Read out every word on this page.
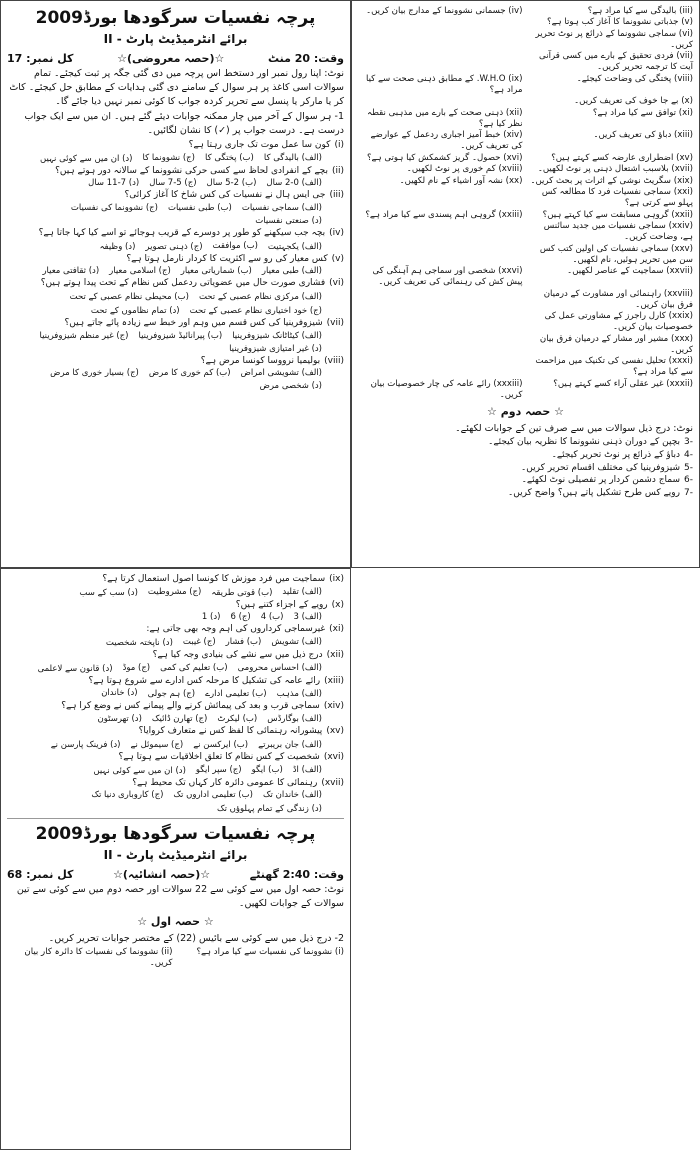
پرچہ نفسیات سرگودھا بورڈ2009
برائے انٹرمیڈیٹ پارٹ - II
وقت: 20 منٹ
☆(حصہ معروضی)☆
کل نمبر: 17
نوٹ: اپنا رول نمبر اور دستخط اس پرچہ میں دی گئی جگہ پر ثبت کیجئے۔ تمام سوالات اسی کاغذ پر ہر سوال کے سامنے دی گئی ہدایات کے مطابق حل کیجئے۔ کاٹ کر یا مارکر یا پنسل سے تحریر کردہ جواب کا کوئی نمبر نہیں دیا جائے گا۔
1- ہر سوال کے آخر میں چار ممکنہ جوابات دیئے گئے ہیں۔ ان میں سے ایک جواب درست ہے۔ درست جواب پر (✓) کا نشان لگائیں۔
(i)
کون سا عمل موت تک جاری رہتا ہے؟
(الف) بالیدگی کا
(ب) پختگی کا
(ج) نشوونما کا
(د) ان میں سے کوئی نہیں
(ii)
بچے کے انفرادی لحاظ سے کسی حرکی نشوونما کے سالانہ دور ہوتے ہیں؟
(الف) 0-2 سال
(ب) 2-5 سال
(ج) 5-7 سال
(د) 7-11 سال
(iii)
جی ایس ہال نے نفسیات کی کس شاخ کا آغاز کرائی؟
(الف) سماجی نفسیات
(ب) طبی نفسیات
(ج) نشوونما کی نفسیات
(د) صنعتی نفسیات
(iv)
بچہ جب سیکھنے کو طور پر دوسرے کے قریب ہوجائے تو اسے کیا کہا جاتا ہے؟
(الف) یکجہتیت
(ب) موافقت
(ج) ذہنی تصویر
(د) وظیفہ
(v)
کس معیار کی رو سے اکثریت کا کردار نارمل ہوتا ہے؟
(الف) طبی معیار
(ب) شماریاتی معیار
(ج) اسلامی معیار
(د) ثقافتی معیار
(vi)
فشاری صورت حال میں عضویاتی ردعمل کس نظام کے تحت پیدا ہوتے ہیں؟
(الف) مرکزی نظام عصبی کے تحت
(ب) محیطی نظام عصبی کے تحت
(ج) خود اختیاری نظام عصبی کے تحت
(د) تمام نظاموں کے تحت
(vii)
شیزوفرینیا کی کس قسم میں وہم اور خبط سے زیادہ پائے جاتے ہیں؟
(الف) کیٹاٹانک شیزوفرینیا
(ب) پیرانائیڈ شیزوفرینیا
(ج) غیر منظم شیزوفرینیا
(د) غیر امتیازی شیزوفرینیا
(viii)
بولیمیا نرووسا کونسا مرض ہے؟
(الف) تشویشی امراض
(ب) کم خوری کا مرض
(ج) بسیار خوری کا مرض
(د) شخصی مرض
(iii) بالیدگی سے کیا مراد ہے؟
(iv) جسمانی نشوونما کے مدارج بیان کریں۔
(v) جذباتی نشوونما کا آغاز کب ہوتا ہے؟
(vi) سماجی نشوونما کے ذرائع پر نوٹ تحریر کریں۔
(vii) فردی تحقیق کے بارے میں کسی قرآنی آیت کا ترجمہ تحریر کریں۔
(viii) پختگی کی وضاحت کیجئے۔
(ix) W.H.O. کے مطابق ذہنی صحت سے کیا مراد ہے؟
(x) بے جا خوف کی تعریف کریں۔
(xi) توافق سے کیا مراد ہے؟
(xii) ذہنی صحت کے بارے میں مذہبی نقطہ نظر کیا ہے؟
(xiii) دباؤ کی تعریف کریں۔
(xiv) خبط آمیز اجباری ردعمل کے عوارضے کی تعریف کریں۔
(xv) اضطراری عارضہ کسے کہتے ہیں؟
(xvi) حصول۔ گریز کشمکش کیا ہوتی ہے؟
(xvii) بلاسبب اشتعال ذہنی پر نوٹ لکھیں۔
(xviii) کم خوری پر نوٹ لکھیں۔
(xix) سگریٹ نوشی کے اثرات پر بحث کریں۔
(xx) نشہ آور اشیاء کے نام لکھیں۔
(xxi) سماجی نفسیات فرد کا مطالعہ کس پہلو سے کرتی ہے؟
(xxii) گروہی مسابقت سے کیا کہتے ہیں؟
(xxiii) گروہی اہم پسندی سے کیا مراد ہے؟
(xxiv) سماجی نفسیات میں جدید سائنس ہے، وضاحت کریں۔
(xxv) سماجی نفسیات کی اولین کتب کس سن میں تحریر ہوئیں، نام لکھیں۔
(xxvii) سماجیت کے عناصر لکھیں۔
(xxvi) شخصی اور سماجی ہم آہنگی کی پیش کش کی رہنمائی کی تعریف کریں۔
(xxviii) راہنمائی اور مشاورت کے درمیان فرق بیان کریں۔
(xxix) کارل راجرز کے مشاورتی عمل کی خصوصیات بیان کریں۔
(xxx) مشیر اور مشار کے درمیان فرق بیان کریں۔
(xxxi) تحلیل نفسی کی تکنیک میں مزاحمت سے کیا مراد ہے؟
(xxxii) غیر عقلی آراء کسے کہتے ہیں؟
(xxxiii) رائے عامہ کی چار خصوصیات بیان کریں۔
☆ حصہ دوم ☆
نوٹ: درج ذیل سوالات میں سے صرف تین کے جوابات لکھئے۔
-3
بچپن کے دوران ذہنی نشوونما کا نظریہ بیان کیجئے۔
-4
دباؤ کے ذرائع پر نوٹ تحریر کیجئے۔
-5
شیزوفرینیا کی مختلف اقسام تحریر کریں۔
-6
سماج دشمن کردار پر تفصیلی نوٹ لکھئے۔
-7
رویے کس طرح تشکیل پاتے ہیں؟ واضح کریں۔
(ix)
سماجیت میں فرد موزش کا کونسا اصول استعمال کرتا ہے؟
(الف) تقلید
(ب) قوتی طریقہ
(ج) مشروطیت
(د) سب کے سب
(x)
رویے کے اجزاء کتنے ہیں؟
(الف) 3
(ب) 4
(ج) 6
(د) 1
(xi)
غیرسماجی کرداروں کی اہم وجہ بھی جاتی ہے:
(الف) تشویش
(ب) فشار
(ج) غیبت
(د) ناپختہ شخصیت
(xii)
درج ذیل میں سے نشے کی بنیادی وجہ کیا ہے؟
(الف) احساس محرومی
(ب) تعلیم کی کمی
(ج) موڈ
(د) قانون سے لاعلمی
(xiii)
رائے عامہ کی تشکیل کا مرحلہ کس ادارے سے شروع ہوتا ہے؟
(الف) مذہب
(ب) تعلیمی ادارے
(ج) ہم جولی
(د) خاندان
(xiv)
سماجی قرب و بعد کی پیمائش کرنے والے پیمانے کس نے وضع کرا ہے؟
(الف) بوگارڈس
(ب) لیکرٹ
(ج) تھارن ڈائیک
(د) تھرسٹون
(xv)
پیشورانہ رہنمائی کا لفظ کس نے متعارف کروایا؟
(الف) جان بریبرتے
(ب) ایرکسن نے
(ج) سیموئل نے
(د) فرینک پارسن نے
(xvi)
شخصیت کے کس نظام کا تعلق اخلاقیات سے ہوتا ہے؟
(الف) اڈ
(ب) ایگو
(ج) سپر ایگو
(د) ان میں سے کوئی نہیں
(xvii)
رہنمائی کا عمومی دائرہ کار کہاں تک محیط ہے؟
(الف) خاندان تک
(ب) تعلیمی اداروں تک
(ج) کاروباری دنیا تک
(د) زندگی کے تمام پہلوؤں تک
پرچہ نفسیات سرگودھا بورڈ2009
برائے انٹرمیڈیٹ پارٹ - II
وقت: 2:40 گھنٹے
☆(حصہ انشائیہ)☆
کل نمبر: 68
نوٹ: حصہ اول میں سے کوئی سے 22 سوالات اور حصہ دوم میں سے کوئی سے تین سوالات کے جوابات لکھیں۔
☆ حصہ اول ☆
2- درج ذیل میں سے کوئی سے بائیس (22) کے مختصر جوابات تحریر کریں۔
(i) نشوونما کی نفسیات سے کیا مراد ہے؟
(ii) نشوونما کی نفسیات کا دائرہ کار بیان کریں۔
